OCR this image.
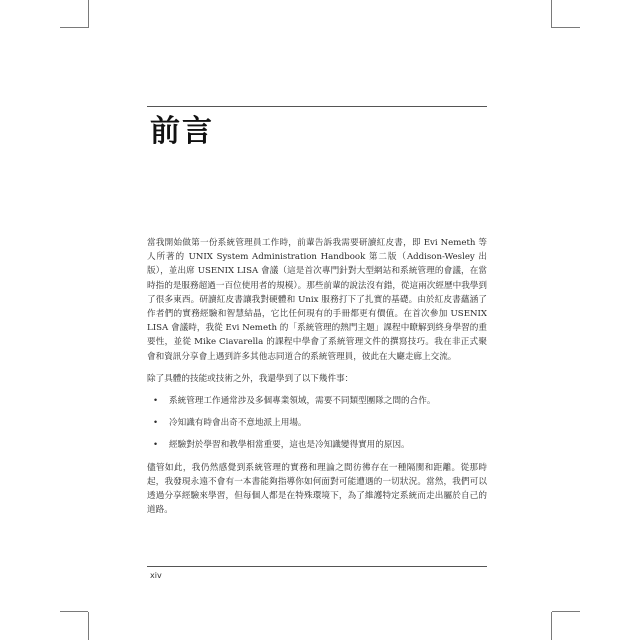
前言

當我開始做第一份系統管理員工作時，前輩告訴我需要研讀紅皮書，即 Evi Nemeth 等人所著的 UNIX System Administration Handbook 第二版（Addison-Wesley 出版），並出席 USENIX LISA 會議（這是首次專門針對大型網站和系統管理的會議，在當時指的是服務超過一百位使用者的規模）。那些前輩的說法沒有錯，從這兩次經歷中我學到了很多東西。研讀紅皮書讓我對硬體和 Unix 服務打下了扎實的基礎。由於紅皮書蘊涵了作者們的實務經驗和智慧結晶，它比任何現有的手冊都更有價值。在首次參加 USENIX LISA 會議時，我從 Evi Nemeth 的「系統管理的熱門主題」課程中瞭解到終身學習的重要性，並從 Mike Ciavarella 的課程中學會了系統管理文件的撰寫技巧。我在非正式聚會和資訊分享會上遇到許多其他志同道合的系統管理員，彼此在大廳走廊上交流。

除了具體的技能或技術之外，我還學到了以下幾件事：

• 系統管理工作通常涉及多個專業領域，需要不同類型團隊之間的合作。
• 冷知識有時會出奇不意地派上用場。
• 經驗對於學習和教學相當重要，這也是冷知識變得實用的原因。

儘管如此，我仍然感覺到系統管理的實務和理論之間彷彿存在一種隔閡和距離。從那時起，我發現永遠不會有一本書能夠指導你如何面對可能遭遇的一切狀況。當然，我們可以透過分享經驗來學習，但每個人都是在特殊環境下，為了維護特定系統而走出屬於自己的道路。

xiv
